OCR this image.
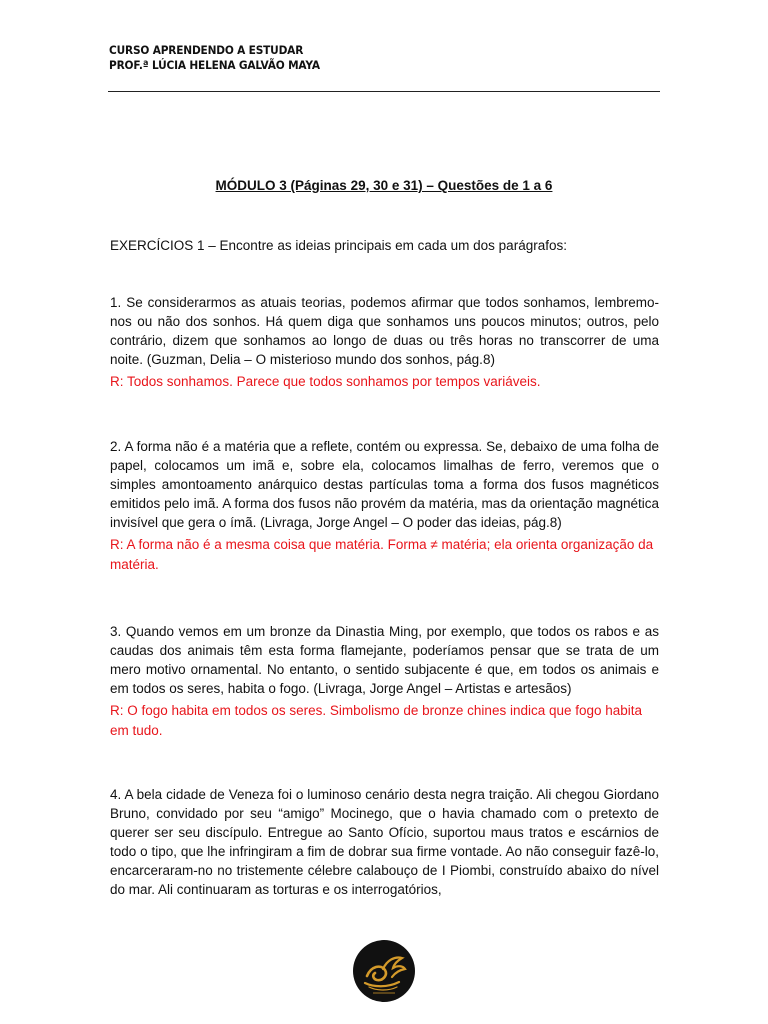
CURSO APRENDENDO A ESTUDAR
PROF.ª LÚCIA HELENA GALVÃO MAYA
MÓDULO 3 (Páginas 29, 30 e 31) – Questões de 1 a 6
EXERCÍCIOS 1 – Encontre as ideias principais em cada um dos parágrafos:

1. Se considerarmos as atuais teorias, podemos afirmar que todos sonhamos, lembremo-nos ou não dos sonhos. Há quem diga que sonhamos uns poucos minutos; outros, pelo contrário, dizem que sonhamos ao longo de duas ou três horas no transcorrer de uma noite. (Guzman, Delia – O misterioso mundo dos sonhos, pág.8)

R: Todos sonhamos. Parece que todos sonhamos por tempos variáveis.

2. A forma não é a matéria que a reflete, contém ou expressa. Se, debaixo de uma folha de papel, colocamos um imã e, sobre ela, colocamos limalhas de ferro, veremos que o simples amontoamento anárquico destas partículas toma a forma dos fusos magnéticos emitidos pelo imã. A forma dos fusos não provém da matéria, mas da orientação magnética invisível que gera o ímã. (Livraga, Jorge Angel – O poder das ideias, pág.8)

R: A forma não é a mesma coisa que matéria. Forma ≠ matéria; ela orienta organização da matéria.

3. Quando vemos em um bronze da Dinastia Ming, por exemplo, que todos os rabos e as caudas dos animais têm esta forma flamejante, poderíamos pensar que se trata de um mero motivo ornamental. No entanto, o sentido subjacente é que, em todos os animais e em todos os seres, habita o fogo. (Livraga, Jorge Angel – Artistas e artesãos)

R: O fogo habita em todos os seres. Simbolismo de bronze chines indica que fogo habita em tudo.

4. A bela cidade de Veneza foi o luminoso cenário desta negra traição. Ali chegou Giordano Bruno, convidado por seu “amigo” Mocinego, que o havia chamado com o pretexto de querer ser seu discípulo. Entregue ao Santo Ofício, suportou maus tratos e escárnios de todo o tipo, que lhe infringiram a fim de dobrar sua firme vontade. Ao não conseguir fazê-lo, encarceraram-no no tristemente célebre calabouço de I Piombi, construído abaixo do nível do mar. Ali continuaram as torturas e os interrogatórios,
